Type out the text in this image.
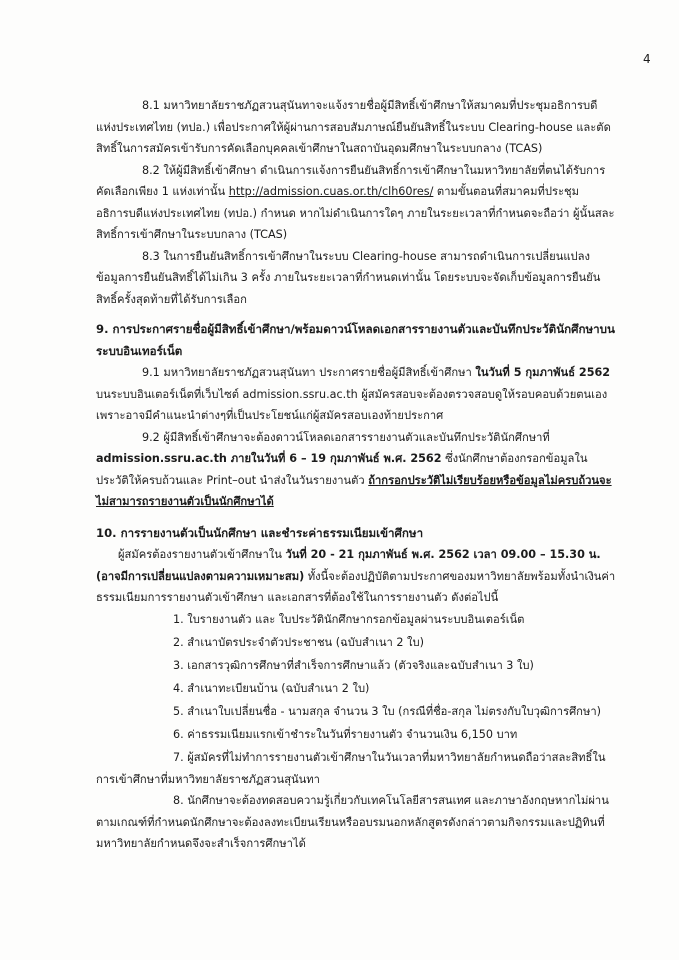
4

8.1 มหาวิทยาลัยราชภัฏสวนสุนันทาจะแจ้งรายชื่อผู้มีสิทธิ์เข้าศึกษาให้สมาคมที่ประชุมอธิการบดีแห่งประเทศไทย (ทปอ.) เพื่อประกาศให้ผู้ผ่านการสอบสัมภาษณ์ยืนยันสิทธิ์ในระบบ Clearing-house และตัดสิทธิ์ในการสมัครเข้ารับการคัดเลือกบุคคลเข้าศึกษาในสถาบันอุดมศึกษาในระบบกลาง (TCAS)

8.2 ให้ผู้มีสิทธิ์เข้าศึกษา ดำเนินการแจ้งการยืนยันสิทธิ์การเข้าศึกษาในมหาวิทยาลัยที่ตนได้รับการคัดเลือกเพียง 1 แห่งเท่านั้น http://admission.cuas.or.th/clh60res/ ตามขั้นตอนที่สมาคมที่ประชุมอธิการบดีแห่งประเทศไทย (ทปอ.) กำหนด หากไม่ดำเนินการใดๆ ภายในระยะเวลาที่กำหนดจะถือว่า ผู้นั้นสละสิทธิ์การเข้าศึกษาในระบบกลาง (TCAS)

8.3 ในการยืนยันสิทธิ์การเข้าศึกษาในระบบ Clearing-house สามารถดำเนินการเปลี่ยนแปลงข้อมูลการยืนยันสิทธิ์ได้ไม่เกิน 3 ครั้ง ภายในระยะเวลาที่กำหนดเท่านั้น โดยระบบจะจัดเก็บข้อมูลการยืนยันสิทธิ์ครั้งสุดท้ายที่ได้รับการเลือก

9. การประกาศรายชื่อผู้มีสิทธิ์เข้าศึกษา/พร้อมดาวน์โหลดเอกสารรายงานตัวและบันทึกประวัตินักศึกษาบนระบบอินเทอร์เน็ต

9.1 มหาวิทยาลัยราชภัฏสวนสุนันทา ประกาศรายชื่อผู้มีสิทธิ์เข้าศึกษา ในวันที่ 5 กุมภาพันธ์ 2562 บนระบบอินเตอร์เน็ตที่เว็บไซต์ admission.ssru.ac.th ผู้สมัครสอบจะต้องตรวจสอบดูให้รอบคอบด้วยตนเอง เพราะอาจมีคำแนะนำต่างๆที่เป็นประโยชน์แก่ผู้สมัครสอบเองท้ายประกาศ

9.2 ผู้มีสิทธิ์เข้าศึกษาจะต้องดาวน์โหลดเอกสารรายงานตัวและบันทึกประวัตินักศึกษาที่ admission.ssru.ac.th ภายในวันที่ 6 – 19 กุมภาพันธ์ พ.ศ. 2562 ซึ่งนักศึกษาต้องกรอกข้อมูลในประวัติให้ครบถ้วนและ Print–out นำส่งในวันรายงานตัว ถ้ากรอกประวัติไม่เรียบร้อยหรือข้อมูลไม่ครบถ้วนจะไม่สามารถรายงานตัวเป็นนักศึกษาได้

10. การรายงานตัวเป็นนักศึกษา และชำระค่าธรรมเนียมเข้าศึกษา

ผู้สมัครต้องรายงานตัวเข้าศึกษาใน วันที่ 20 - 21 กุมภาพันธ์ พ.ศ. 2562 เวลา 09.00 – 15.30 น. (อาจมีการเปลี่ยนแปลงตามความเหมาะสม) ทั้งนี้จะต้องปฏิบัติตามประกาศของมหาวิทยาลัยพร้อมทั้งนำเงินค่าธรรมเนียมการรายงานตัวเข้าศึกษา และเอกสารที่ต้องใช้ในการรายงานตัว ดังต่อไปนี้

1. ใบรายงานตัว และ ใบประวัตินักศึกษากรอกข้อมูลผ่านระบบอินเตอร์เน็ต
2. สำเนาบัตรประจำตัวประชาชน (ฉบับสำเนา 2 ใบ)
3. เอกสารวุฒิการศึกษาที่สำเร็จการศึกษาแล้ว (ตัวจริงและฉบับสำเนา 3 ใบ)
4. สำเนาทะเบียนบ้าน (ฉบับสำเนา 2 ใบ)
5. สำเนาใบเปลี่ยนชื่อ - นามสกุล จำนวน 3 ใบ (กรณีที่ชื่อ-สกุล ไม่ตรงกับใบวุฒิการศึกษา)
6. ค่าธรรมเนียมแรกเข้าชำระในวันที่รายงานตัว จำนวนเงิน 6,150 บาท

7. ผู้สมัครที่ไม่ทำการรายงานตัวเข้าศึกษาในวันเวลาที่มหาวิทยาลัยกำหนดถือว่าสละสิทธิ์ในการเข้าศึกษาที่มหาวิทยาลัยราชภัฏสวนสุนันทา

8. นักศึกษาจะต้องทดสอบความรู้เกี่ยวกับเทคโนโลยีสารสนเทศ และภาษาอังกฤษหากไม่ผ่านตามเกณฑ์ที่กำหนดนักศึกษาจะต้องลงทะเบียนเรียนหรืออบรมนอกหลักสูตรดังกล่าวตามกิจกรรมและปฏิทินที่มหาวิทยาลัยกำหนดจึงจะสำเร็จการศึกษาได้
